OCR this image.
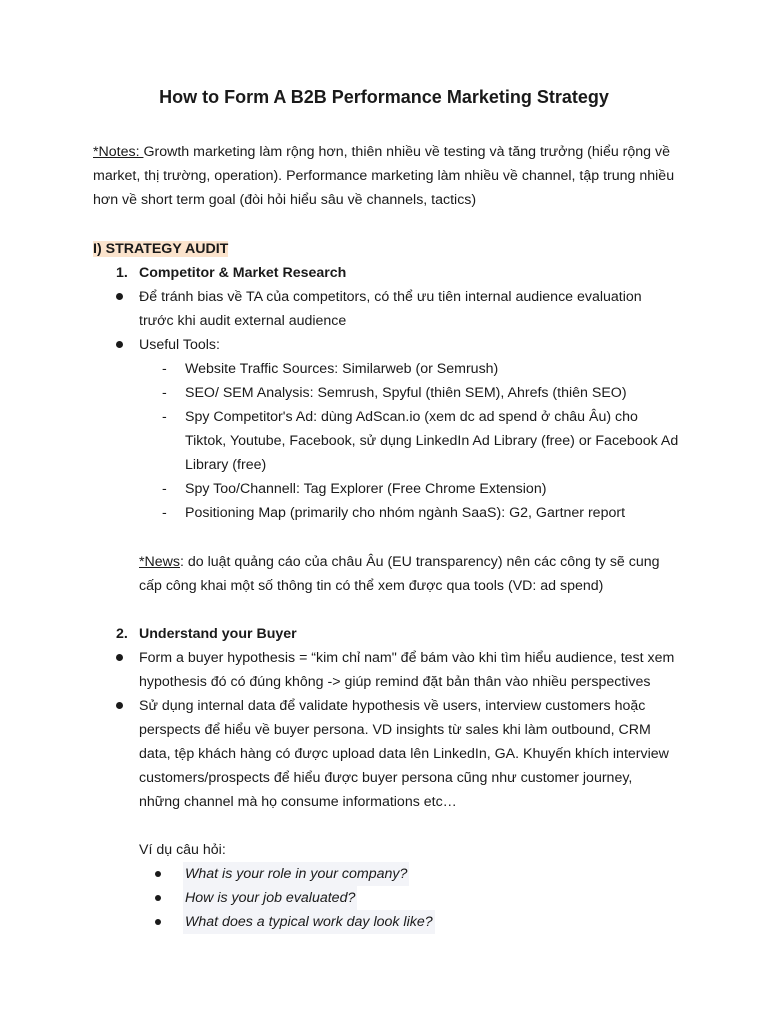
How to Form A B2B Performance Marketing Strategy
*Notes: Growth marketing làm rộng hơn, thiên nhiều về testing và tăng trưởng (hiểu rộng về
market, thị trường, operation). Performance marketing làm nhiều về channel, tập trung nhiều
hơn về short term goal (đòi hỏi hiểu sâu về channels, tactics)
I) STRATEGY AUDIT
1. Competitor & Market Research
Để tránh bias về TA của competitors, có thể ưu tiên internal audience evaluation
trước khi audit external audience
Useful Tools:
- Website Traffic Sources: Similarweb (or Semrush)
- SEO/ SEM Analysis: Semrush, Spyful (thiên SEM), Ahrefs (thiên SEO)
- Spy Competitor's Ad: dùng AdScan.io (xem dc ad spend ở châu Âu) cho
Tiktok, Youtube, Facebook, sử dụng LinkedIn Ad Library (free) or Facebook Ad
Library (free)
- Spy Too/Channell: Tag Explorer (Free Chrome Extension)
- Positioning Map (primarily cho nhóm ngành SaaS): G2, Gartner report
*News: do luật quảng cáo của châu Âu (EU transparency) nên các công ty sẽ cung
cấp công khai một số thông tin có thể xem được qua tools (VD: ad spend)
2. Understand your Buyer
Form a buyer hypothesis = “kim chỉ nam" để bám vào khi tìm hiểu audience, test xem
hypothesis đó có đúng không -> giúp remind đặt bản thân vào nhiều perspectives
Sử dụng internal data để validate hypothesis về users, interview customers hoặc
perspects để hiểu về buyer persona. VD insights từ sales khi làm outbound, CRM
data, tệp khách hàng có được upload data lên LinkedIn, GA. Khuyến khích interview
customers/prospects để hiểu được buyer persona cũng như customer journey,
những channel mà họ consume informations etc…
Ví dụ câu hỏi:
What is your role in your company?
How is your job evaluated?
What does a typical work day look like?
